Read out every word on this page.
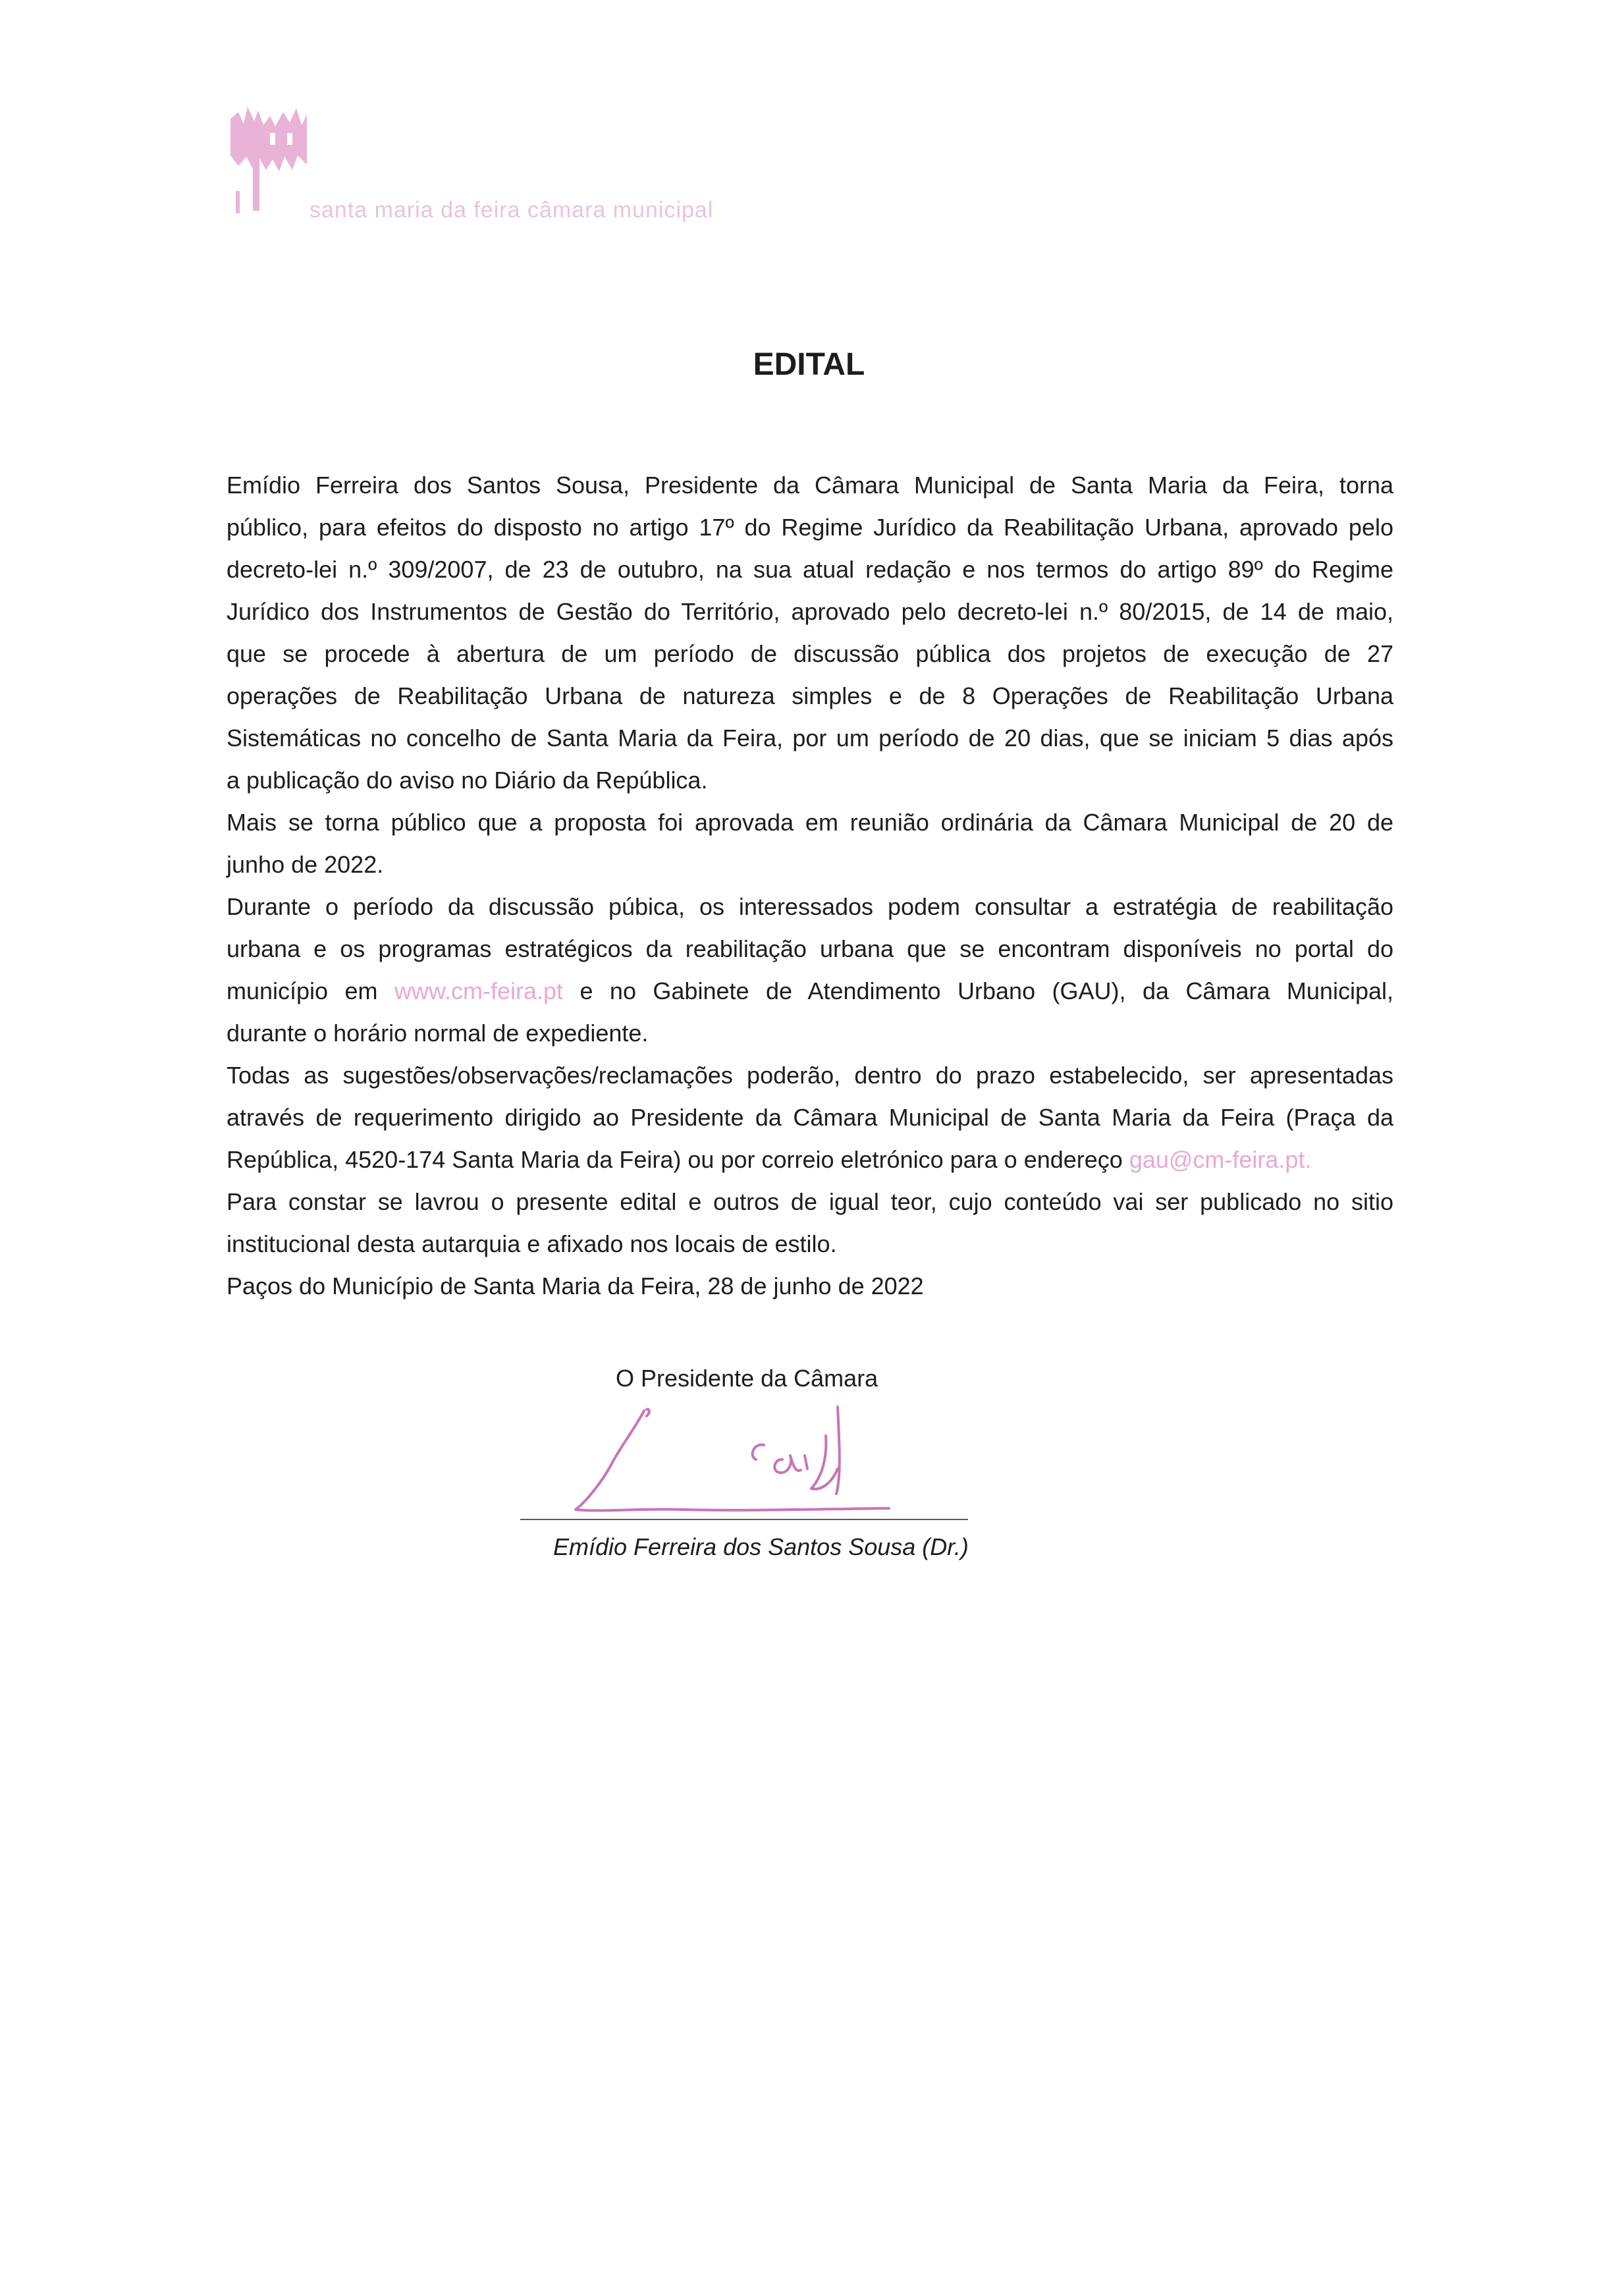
santa maria da feira câmara municipal
EDITAL

Emídio Ferreira dos Santos Sousa, Presidente da Câmara Municipal de Santa Maria da Feira, torna
público, para efeitos do disposto no artigo 17º do Regime Jurídico da Reabilitação Urbana, aprovado pelo
decreto-lei n.º 309/2007, de 23 de outubro, na sua atual redação e nos termos do artigo 89º do Regime
Jurídico dos Instrumentos de Gestão do Território, aprovado pelo decreto-lei n.º 80/2015, de 14 de maio,
que se procede à abertura de um período de discussão pública dos projetos de execução de 27
operações de Reabilitação Urbana de natureza simples e de 8 Operações de Reabilitação Urbana
Sistemáticas no concelho de Santa Maria da Feira, por um período de 20 dias, que se iniciam 5 dias após
a publicação do aviso no Diário da República.

Mais se torna público que a proposta foi aprovada em reunião ordinária da Câmara Municipal de 20 de
junho de 2022.

Durante o período da discussão púbica, os interessados podem consultar a estratégia de reabilitação
urbana e os programas estratégicos da reabilitação urbana que se encontram disponíveis no portal do
município em www.cm-feira.pt e no Gabinete de Atendimento Urbano (GAU), da Câmara Municipal,
durante o horário normal de expediente.

Todas as sugestões/observações/reclamações poderão, dentro do prazo estabelecido, ser apresentadas
através de requerimento dirigido ao Presidente da Câmara Municipal de Santa Maria da Feira (Praça da
República, 4520-174 Santa Maria da Feira) ou por correio eletrónico para o endereço gau@cm-feira.pt.

Para constar se lavrou o presente edital e outros de igual teor, cujo conteúdo vai ser publicado no sitio
institucional desta autarquia e afixado nos locais de estilo.

Paços do Município de Santa Maria da Feira, 28 de junho de 2022

O Presidente da Câmara
Emídio Ferreira dos Santos Sousa (Dr.)
